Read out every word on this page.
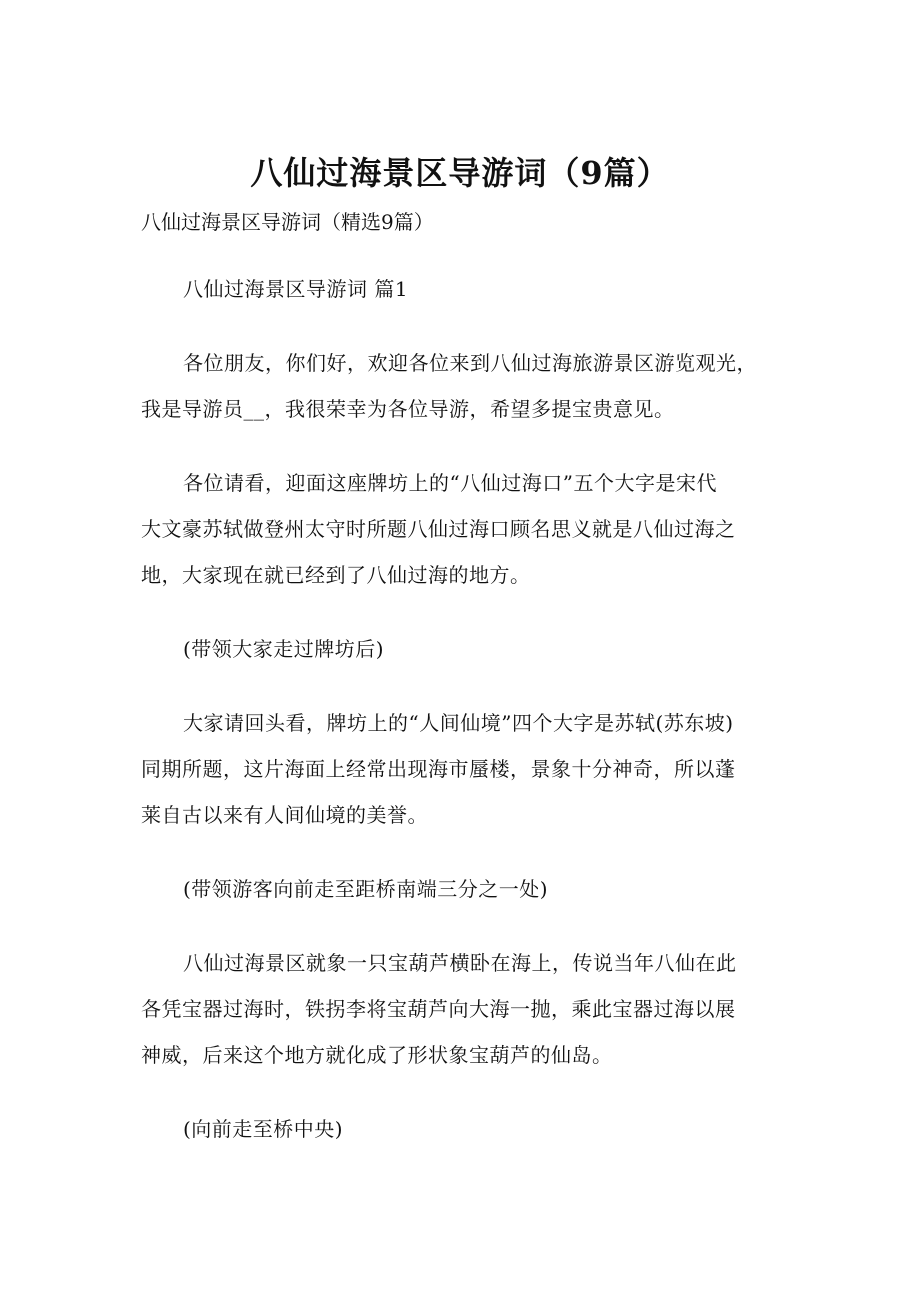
八仙过海景区导游词（9篇）

八仙过海景区导游词（精选9篇）

八仙过海景区导游词 篇1

各位朋友，你们好，欢迎各位来到八仙过海旅游景区游览观光，
我是导游员__，我很荣幸为各位导游，希望多提宝贵意见。

各位请看，迎面这座牌坊上的“八仙过海口”五个大字是宋代
大文豪苏轼做登州太守时所题八仙过海口顾名思义就是八仙过海之
地，大家现在就已经到了八仙过海的地方。

(带领大家走过牌坊后)

大家请回头看，牌坊上的“人间仙境”四个大字是苏轼(苏东坡)
同期所题，这片海面上经常出现海市蜃楼，景象十分神奇，所以蓬
莱自古以来有人间仙境的美誉。

(带领游客向前走至距桥南端三分之一处)

八仙过海景区就象一只宝葫芦横卧在海上，传说当年八仙在此
各凭宝器过海时，铁拐李将宝葫芦向大海一抛，乘此宝器过海以展
神威，后来这个地方就化成了形状象宝葫芦的仙岛。

(向前走至桥中央)
